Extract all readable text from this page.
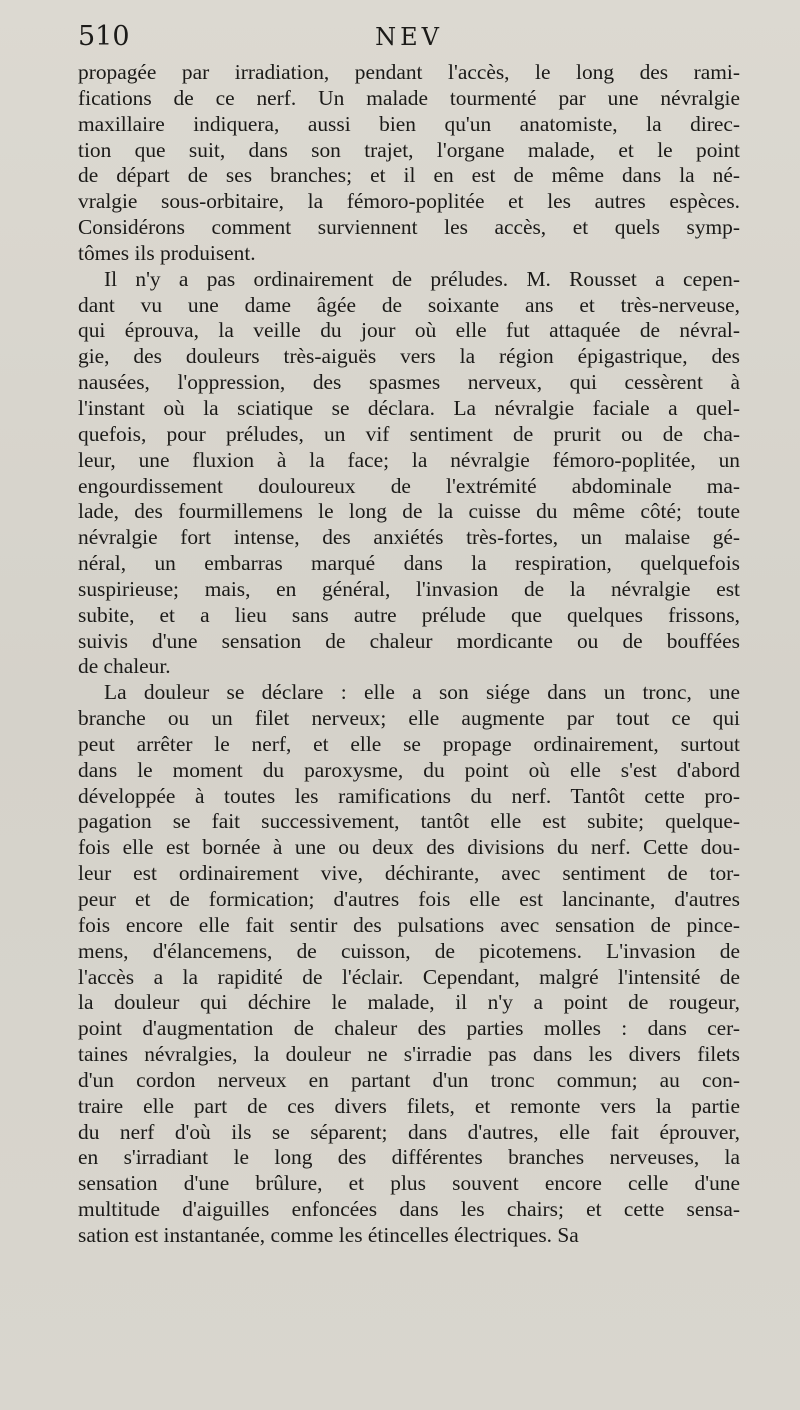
510	NEV
propagée par irradiation, pendant l'accès, le long des rami-
fications de ce nerf. Un malade tourmenté par une névralgie
maxillaire indiquera, aussi bien qu'un anatomiste, la direc-
tion que suit, dans son trajet, l'organe malade, et le point
de départ de ses branches; et il en est de même dans la né-
vralgie sous-orbitaire, la fémoro-poplitée et les autres espèces.
Considérons comment surviennent les accès, et quels symp-
tômes ils produisent.
Il n'y a pas ordinairement de préludes. M. Rousset a cepen-
dant vu une dame âgée de soixante ans et très-nerveuse,
qui éprouva, la veille du jour où elle fut attaquée de névral-
gie, des douleurs très-aiguës vers la région épigastrique, des
nausées, l'oppression, des spasmes nerveux, qui cessèrent à
l'instant où la sciatique se déclara. La névralgie faciale a quel-
quefois, pour préludes, un vif sentiment de prurit ou de cha-
leur, une fluxion à la face; la névralgie fémoro-poplitée, un
engourdissement douloureux de l'extrémité abdominale ma-
lade, des fourmillemens le long de la cuisse du même côté; toute
névralgie fort intense, des anxiétés très-fortes, un malaise gé-
néral, un embarras marqué dans la respiration, quelquefois
suspirieuse; mais, en général, l'invasion de la névralgie est
subite, et a lieu sans autre prélude que quelques frissons,
suivis d'une sensation de chaleur mordicante ou de bouffées
de chaleur.
La douleur se déclare : elle a son siége dans un tronc, une
branche ou un filet nerveux; elle augmente par tout ce qui
peut arrêter le nerf, et elle se propage ordinairement, surtout
dans le moment du paroxysme, du point où elle s'est d'abord
développée à toutes les ramifications du nerf. Tantôt cette pro-
pagation se fait successivement, tantôt elle est subite; quelque-
fois elle est bornée à une ou deux des divisions du nerf. Cette dou-
leur est ordinairement vive, déchirante, avec sentiment de tor-
peur et de formication; d'autres fois elle est lancinante, d'autres
fois encore elle fait sentir des pulsations avec sensation de pince-
mens, d'élancemens, de cuisson, de picotemens. L'invasion de
l'accès a la rapidité de l'éclair. Cependant, malgré l'intensité de
la douleur qui déchire le malade, il n'y a point de rougeur,
point d'augmentation de chaleur des parties molles : dans cer-
taines névralgies, la douleur ne s'irradie pas dans les divers filets
d'un cordon nerveux en partant d'un tronc commun; au con-
traire elle part de ces divers filets, et remonte vers la partie
du nerf d'où ils se séparent; dans d'autres, elle fait éprouver,
en s'irradiant le long des différentes branches nerveuses, la
sensation d'une brûlure, et plus souvent encore celle d'une
multitude d'aiguilles enfoncées dans les chairs; et cette sensa-
sation est instantanée, comme les étincelles électriques. Sa
